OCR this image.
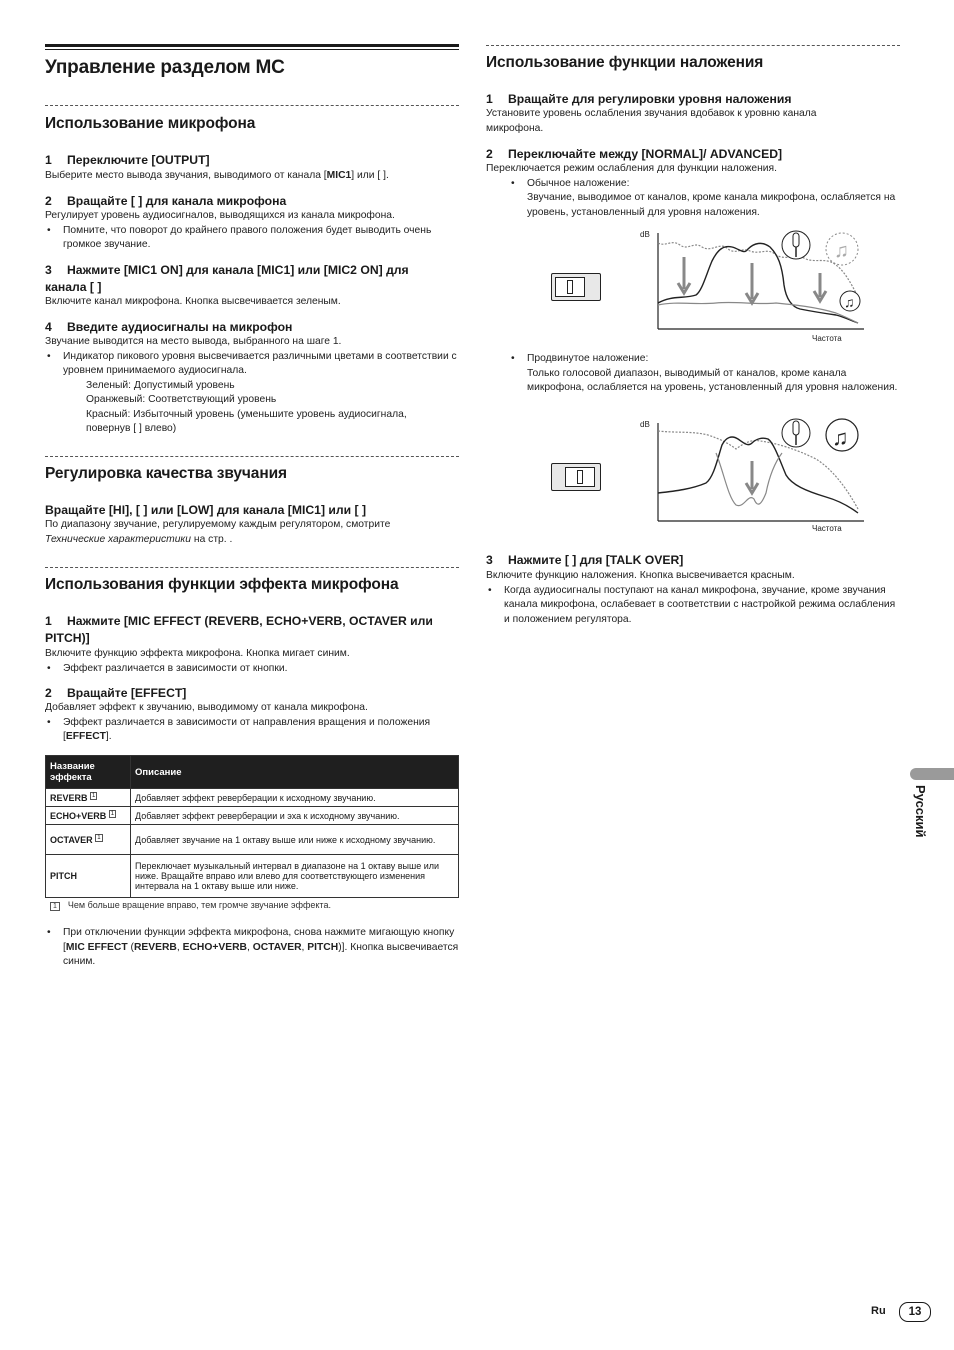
Управление разделом MC
Использование микрофона
1 Переключите [OUTPUT]
Выберите место вывода звучания, выводимого от канала [MIC1] или [ ].
2 Вращайте [ ] для канала микрофона
Регулирует уровень аудиосигналов, выводящихся из канала микрофона.
• Помните, что поворот до крайнего правого положения будет выводить очень громкое звучание.
3 Нажмите [MIC1 ON] для канала [MIC1] или [MIC2 ON] для
канала [ ]
Включите канал микрофона. Кнопка высвечивается зеленым.
4 Введите аудиосигналы на микрофон
Звучание выводится на место вывода, выбранного на шаге 1.
• Индикатор пикового уровня высвечивается различными цветами в соответствии с уровнем принимаемого аудиосигнала.
Зеленый: Допустимый уровень
Оранжевый: Соответствующий уровень
Красный: Избыточный уровень (уменьшите уровень аудиосигнала,
повернув [ ] влево)
Регулировка качества звучания
Вращайте [HI], [ ] или [LOW] для канала [MIC1] или [ ]
По диапазону звучание, регулируемому каждым регулятором, смотрите
Технические характеристики на стр. .
Использования функции эффекта микрофона
1 Нажмите [MIC EFFECT (REVERB, ECHO+VERB, OCTAVER или PITCH)]
Включите функцию эффекта микрофона. Кнопка мигает синим.
• Эффект различается в зависимости от кнопки.
2 Вращайте [EFFECT]
Добавляет эффект к звучанию, выводимому от канала микрофона.
• Эффект различается в зависимости от направления вращения и положения [EFFECT].
Название эффекта	Описание
REVERB $^1$	Добавляет эффект реверберации к исходному звучанию.
ECHO+VERB $^1$	Добавляет эффект реверберации и эха к исходному звучанию.
OCTAVER $^1$	Добавляет звучание на 1 октаву выше или ниже к исходному звучанию.
PITCH	Переключает музыкальный интервал в диапазоне на 1 октаву выше или ниже. Вращайте вправо или влево для соответствующего изменения интервала на 1 октаву выше или ниже.
1 Чем больше вращение вправо, тем громче звучание эффекта.
• При отключении функции эффекта микрофона, снова нажмите мигающую кнопку [MIC EFFECT (REVERB, ECHO+VERB, OCTAVER, PITCH)]. Кнопка высвечивается синим.
Использование функции наложения
1 Вращайте для регулировки уровня наложения
Установите уровень ослабления звучания вдобавок к уровню канала микрофона.
2 Переключайте между [NORMAL]/ ADVANCED]
Переключается режим ослабления для функции наложения.
• Обычное наложение:
Звучание, выводимое от каналов, кроме канала микрофона, ослабляется на уровень, установленный для уровня наложения.
dB
♫
♫
Частота
• Продвинутое наложение:
Только голосовой диапазон, выводимый от каналов, кроме канала микрофона, ослабляется на уровень, установленный для уровня наложения.
dB
♫
Частота
3 Нажмите [ ] для [TALK OVER]
Включите функцию наложения. Кнопка высвечивается красным.
• Когда аудиосигналы поступают на канал микрофона, звучание, кроме звучания канала микрофона, ослабевает в соответствии с настройкой режима ослабления и положением регулятора.
Русский
Ru	13
